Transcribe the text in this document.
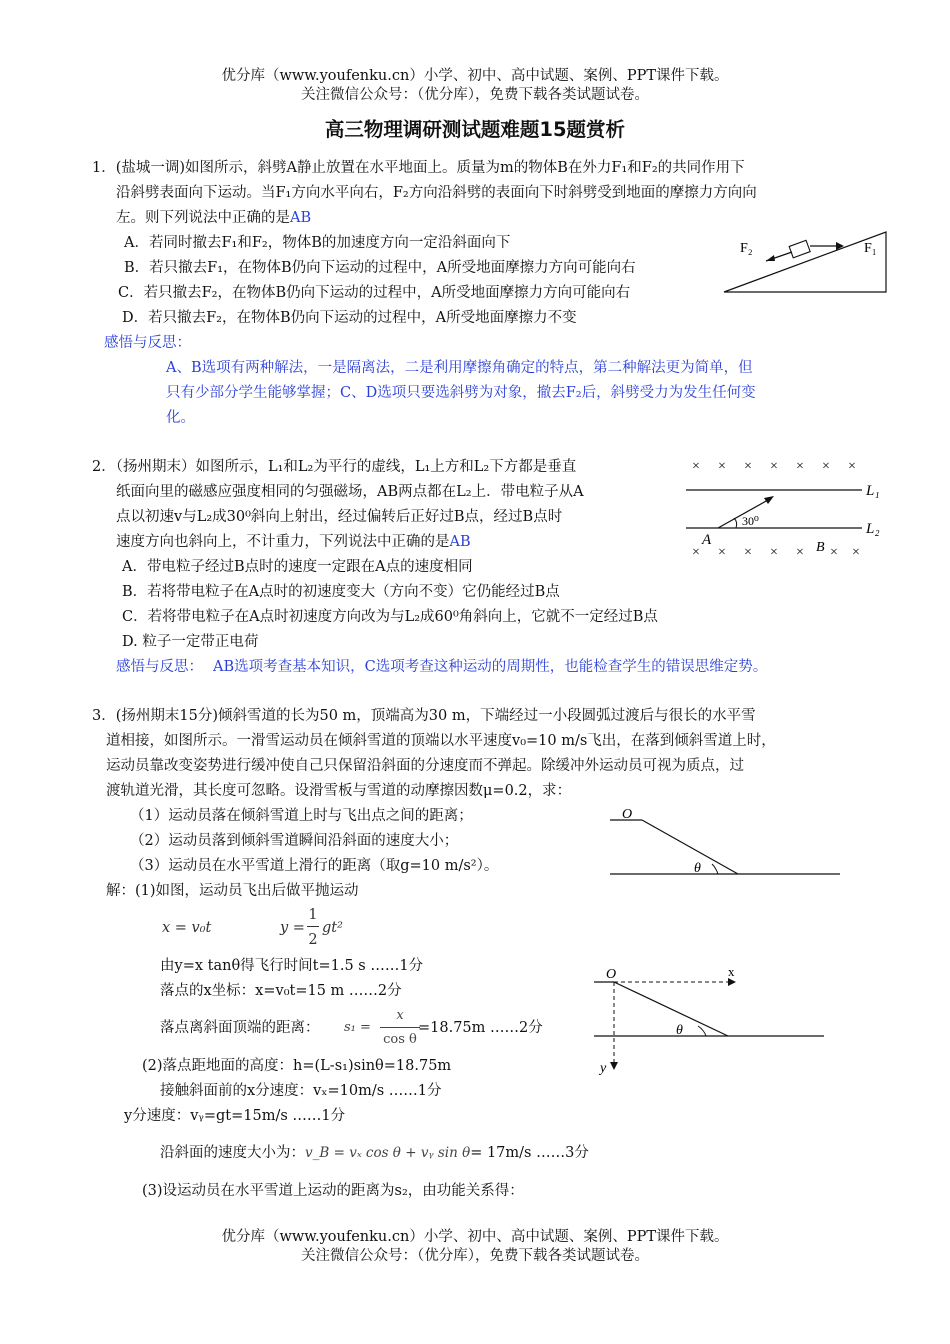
优分库（www.youfenku.cn）小学、初中、高中试题、案例、PPT课件下载。
关注微信公众号：（优分库），免费下载各类试题试卷。
高三物理调研测试题难题15题赏析
1．(盐城一调)如图所示，斜劈A静止放置在水平地面上。质量为m的物体B在外力F₁和F₂的共同作用下
沿斜劈表面向下运动。当F₁方向水平向右，F₂方向沿斜劈的表面向下时斜劈受到地面的摩擦力方向向
左。则下列说法中正确的是AB
A．若同时撤去F₁和F₂，物体B的加速度方向一定沿斜面向下
B．若只撤去F₁，在物体B仍向下运动的过程中，A所受地面摩擦力方向可能向右
C．若只撤去F₂，在物体B仍向下运动的过程中，A所受地面摩擦力方向可能向右
D．若只撤去F₂，在物体B仍向下运动的过程中，A所受地面摩擦力不变
感悟与反思：
A、B选项有两种解法，一是隔离法，二是利用摩擦角确定的特点，第二种解法更为简单，但
只有少部分学生能够掌握；C、D选项只要选斜劈为对象，撤去F₂后，斜劈受力为发生任何变
化。
F₂	F₁
2．（扬州期末）如图所示，L₁和L₂为平行的虚线，L₁上方和L₂下方都是垂直
纸面向里的磁感应强度相同的匀强磁场，AB两点都在L₂上．带电粒子从A
点以初速v与L₂成30⁰斜向上射出，经过偏转后正好过B点，经过B点时
速度方向也斜向上，不计重力，下列说法中正确的是AB
A．带电粒子经过B点时的速度一定跟在A点的速度相同
B．若将带电粒子在A点时的初速度变大（方向不变）它仍能经过B点
C．若将带电粒子在A点时初速度方向改为与L₂成60⁰角斜向上，它就不一定经过B点
D. 粒子一定带正电荷
感悟与反思： AB选项考查基本知识，C选项考查这种运动的周期性，也能检查学生的错误思维定势。
× × × × × × ×
L₁
L₂
30⁰
A	B
× × × × × × ×
3．(扬州期末15分)倾斜雪道的长为50 m，顶端高为30 m，下端经过一小段圆弧过渡后与很长的水平雪
道相接，如图所示。一滑雪运动员在倾斜雪道的顶端以水平速度v₀=10 m/s飞出，在落到倾斜雪道上时，
运动员靠改变姿势进行缓冲使自己只保留沿斜面的分速度而不弹起。除缓冲外运动员可视为质点，过
渡轨道光滑，其长度可忽略。设滑雪板与雪道的动摩擦因数μ=0.2，求：
（1）运动员落在倾斜雪道上时与飞出点之间的距离；
（2）运动员落到倾斜雪道瞬间沿斜面的速度大小；
（3）运动员在水平雪道上滑行的距离（取g=10 m/s²）。
解：(1)如图，运动员飞出后做平抛运动
x = v₀t	y =
1
2
gt²
由y=x tanθ得飞行时间t=1.5 s ……1分
落点的x坐标：x=v₀t=15 m ……2分
落点离斜面顶端的距离： s₁ =
x
cos θ
=18.75m ……2分
(2)落点距地面的高度：h=(L-s₁)sinθ=18.75m
接触斜面前的x分速度：vₓ=10m/s ……1分
y分速度：vᵧ=gt=15m/s ……1分
沿斜面的速度大小为：v_B = vₓ cos θ + vᵧ sin θ= 17m/s ……3分
(3)设运动员在水平雪道上运动的距离为s₂，由功能关系得：
O
θ
O	x
y
θ
优分库（www.youfenku.cn）小学、初中、高中试题、案例、PPT课件下载。
关注微信公众号：（优分库），免费下载各类试题试卷。
